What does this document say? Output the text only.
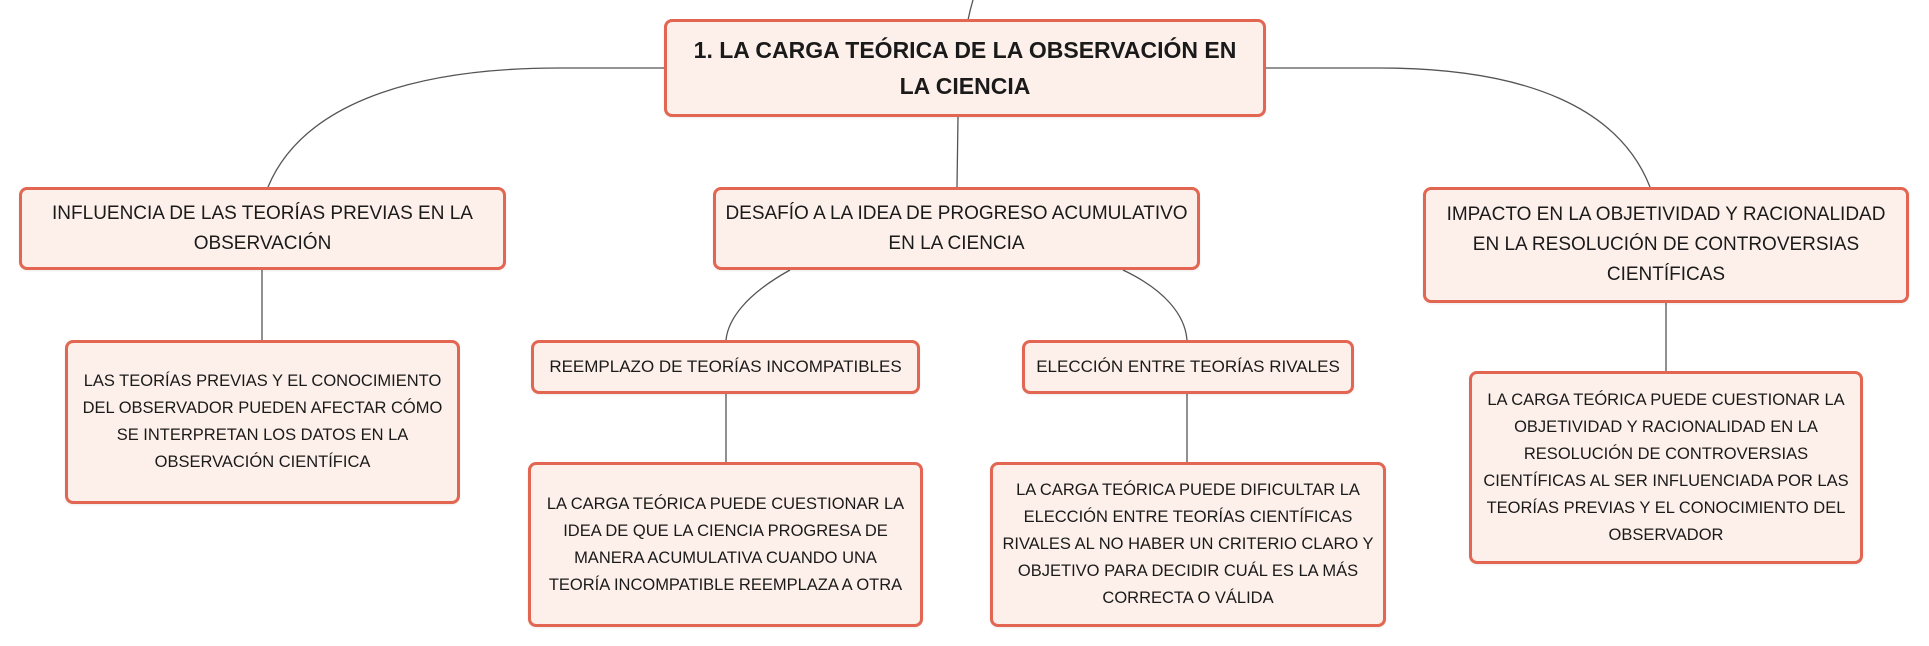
1. LA CARGA TEÓRICA DE LA OBSERVACIÓN EN LA CIENCIA
INFLUENCIA DE LAS TEORÍAS PREVIAS EN LA OBSERVACIÓN
DESAFÍO A LA IDEA DE PROGRESO ACUMULATIVO EN LA CIENCIA
IMPACTO EN LA OBJETIVIDAD Y RACIONALIDAD EN LA RESOLUCIÓN DE CONTROVERSIAS CIENTÍFICAS
LAS TEORÍAS PREVIAS Y EL CONOCIMIENTO DEL OBSERVADOR PUEDEN AFECTAR CÓMO SE INTERPRETAN LOS DATOS EN LA OBSERVACIÓN CIENTÍFICA
REEMPLAZO DE TEORÍAS INCOMPATIBLES	ELECCIÓN ENTRE TEORÍAS RIVALES
LA CARGA TEÓRICA PUEDE CUESTIONAR LA IDEA DE QUE LA CIENCIA PROGRESA DE MANERA ACUMULATIVA CUANDO UNA TEORÍA INCOMPATIBLE REEMPLAZA A OTRA
LA CARGA TEÓRICA PUEDE DIFICULTAR LA ELECCIÓN ENTRE TEORÍAS CIENTÍFICAS RIVALES AL NO HABER UN CRITERIO CLARO Y OBJETIVO PARA DECIDIR CUÁL ES LA MÁS CORRECTA O VÁLIDA
LA CARGA TEÓRICA PUEDE CUESTIONAR LA OBJETIVIDAD Y RACIONALIDAD EN LA RESOLUCIÓN DE CONTROVERSIAS CIENTÍFICAS AL SER INFLUENCIADA POR LAS TEORÍAS PREVIAS Y EL CONOCIMIENTO DEL OBSERVADOR
